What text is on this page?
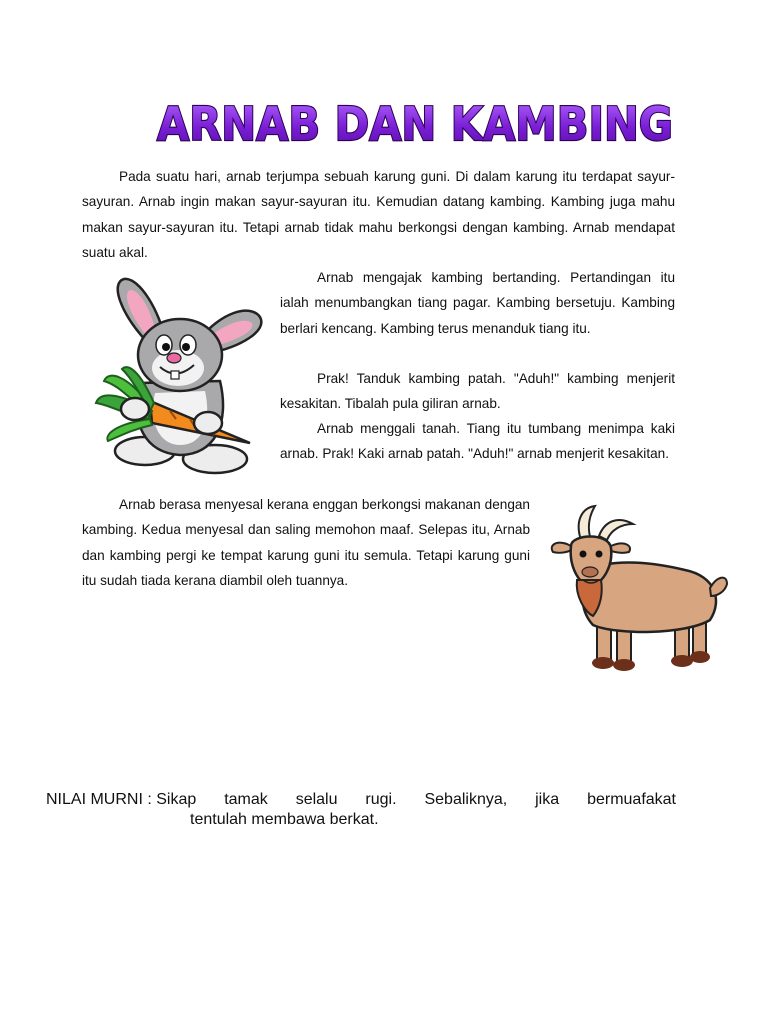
ARNAB DAN KAMBING

Pada suatu hari, arnab terjumpa sebuah karung guni. Di dalam karung itu terdapat sayur-sayuran. Arnab ingin makan sayur-sayuran itu. Kemudian datang kambing. Kambing juga mahu makan sayur-sayuran itu. Tetapi arnab tidak mahu berkongsi dengan kambing. Arnab mendapat suatu akal.

Arnab mengajak kambing bertanding. Pertandingan itu ialah menumbangkan tiang pagar. Kambing bersetuju. Kambing berlari kencang. Kambing terus menanduk tiang itu.

Prak! Tanduk kambing patah. "Aduh!" kambing menjerit kesakitan. Tibalah pula giliran arnab.

Arnab menggali tanah. Tiang itu tumbang menimpa kaki arnab. Prak! Kaki arnab patah. "Aduh!" arnab menjerit kesakitan.

Arnab berasa menyesal kerana enggan berkongsi makanan dengan kambing. Kedua menyesal dan saling memohon maaf. Selepas itu, Arnab dan kambing pergi ke tempat karung guni itu semula. Tetapi karung guni itu sudah tiada kerana diambil oleh tuannya.

NILAI MURNI : Sikap tamak selalu rugi. Sebaliknya, jika bermuafakat
tentulah membawa berkat.
